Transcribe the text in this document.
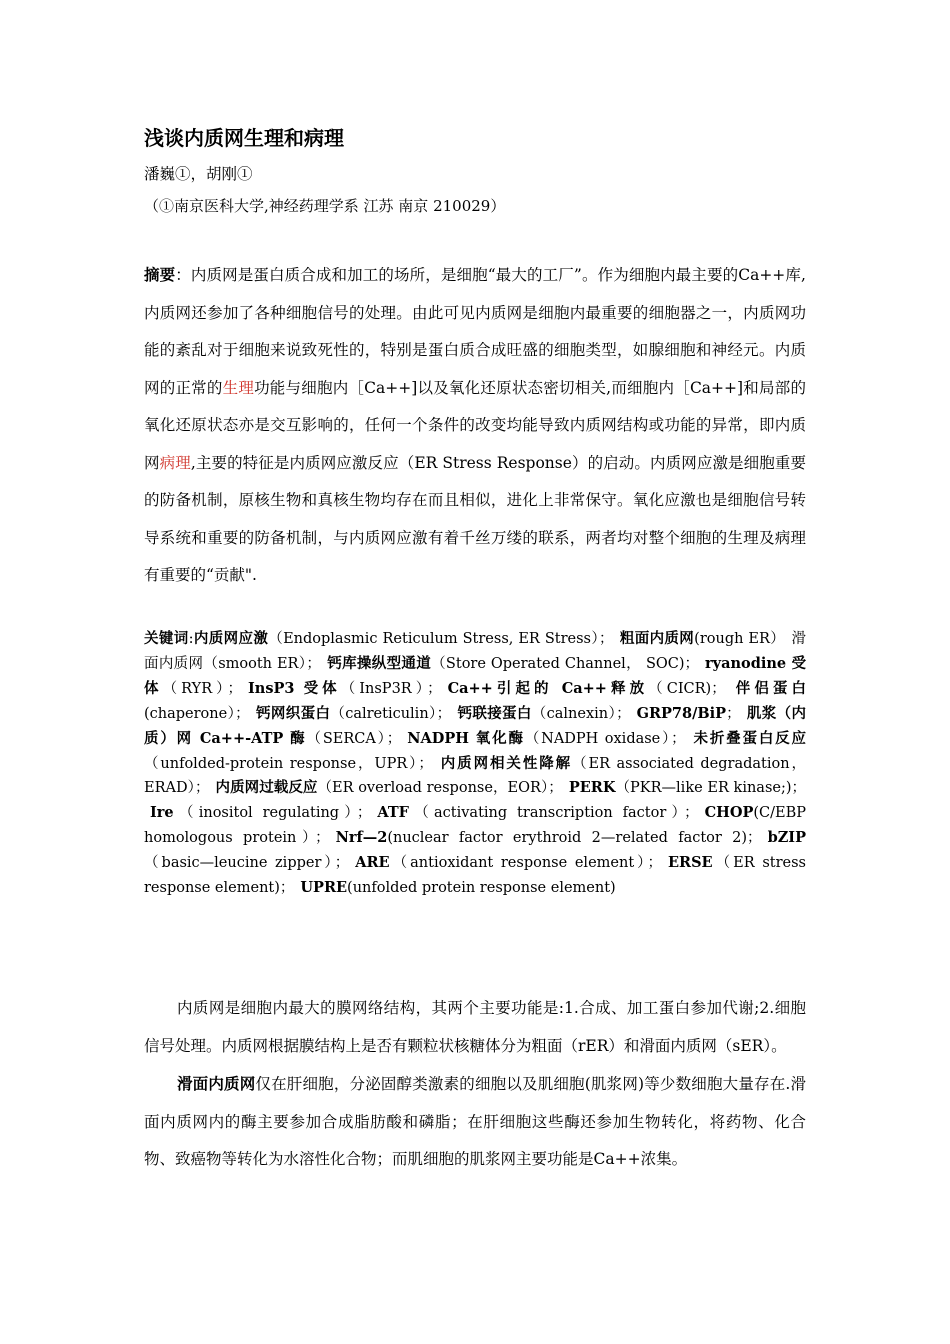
浅谈内质网生理和病理
潘巍①，胡刚①
（①南京医科大学,神经药理学系 江苏 南京 210029）
摘要：内质网是蛋白质合成和加工的场所，是细胞“最大的工厂”。作为细胞内最主要的Ca++库,内质网还参加了各种细胞信号的处理。由此可见内质网是细胞内最重要的细胞器之一，内质网功能的紊乱对于细胞来说致死性的，特别是蛋白质合成旺盛的细胞类型，如腺细胞和神经元。内质网的正常的生理功能与细胞内［Ca++]以及氧化还原状态密切相关,而细胞内［Ca++]和局部的氧化还原状态亦是交互影响的，任何一个条件的改变均能导致内质网结构或功能的异常，即内质网病理,主要的特征是内质网应激反应（ER Stress Response）的启动。内质网应激是细胞重要的防备机制，原核生物和真核生物均存在而且相似，进化上非常保守。氧化应激也是细胞信号转导系统和重要的防备机制，与内质网应激有着千丝万缕的联系，两者均对整个细胞的生理及病理有重要的“贡献".
关键词:内质网应激（Endoplasmic Reticulum Stress, ER Stress）； 粗面内质网(rough ER） 滑面内质网（smooth ER）； 钙库操纵型通道（Store Operated Channel， SOC)； ryanodine 受体（RYR）； InsP3 受体（InsP3R）； Ca++引起的 Ca++释放（CICR)； 伴侣蛋白(chaperone）； 钙网织蛋白（calreticulin）； 钙联接蛋白（calnexin）； GRP78/BiP； 肌浆（内质）网 Ca++-ATP 酶（SERCA）； NADPH 氧化酶（NADPH oxidase）； 未折叠蛋白反应（unfolded-protein response，UPR）； 内质网相关性降解（ER associated degradation， ERAD）； 内质网过载反应（ER overload response，EOR）； PERK（PKR—like ER kinase;)；Ire（inositol regulating）； ATF（activating transcription factor）； CHOP(C/EBP homologous protein）； Nrf—2(nuclear factor erythroid 2—related factor 2)； bZIP（basic—leucine zipper）； ARE（antioxidant response element）； ERSE（ER stress response element)； UPRE(unfolded protein response element)

内质网是细胞内最大的膜网络结构，其两个主要功能是:1.合成、加工蛋白参加代谢;2.细胞信号处理。内质网根据膜结构上是否有颗粒状核糖体分为粗面（rER）和滑面内质网（sER）。

滑面内质网仅在肝细胞，分泌固醇类激素的细胞以及肌细胞(肌浆网)等少数细胞大量存在.滑面内质网内的酶主要参加合成脂肪酸和磷脂；在肝细胞这些酶还参加生物转化，将药物、化合物、致癌物等转化为水溶性化合物；而肌细胞的肌浆网主要功能是Ca++浓集。
